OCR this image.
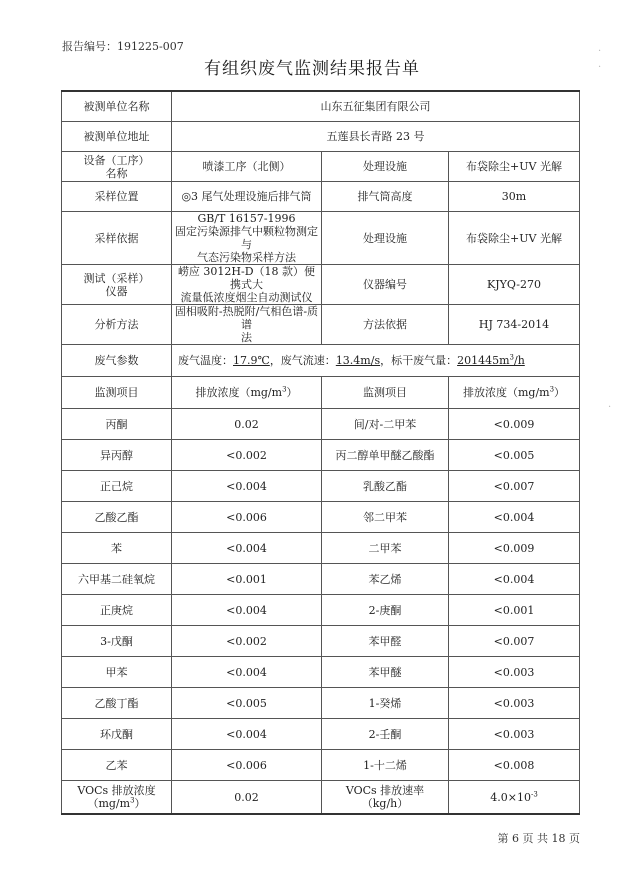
报告编号：191225-007
有组织废气监测结果报告单
被测单位名称	山东五征集团有限公司		
被测单位地址	五莲县长青路 23 号		
设备（工序）
名称	喷漆工序（北侧）	处理设施	布袋除尘+UV 光解
采样位置	◎3 尾气处理设施后排气筒	排气筒高度	30m
采样依据	GB/T 16157-1996
固定污染源排气中颗粒物测定与
气态污染物采样方法	处理设施	布袋除尘+UV 光解
测试（采样）
仪器	崂应 3012H-D（18 款）便携式大
流量低浓度烟尘自动测试仪	仪器编号	KJYQ-270
分析方法	固相吸附-热脱附/气相色谱-质谱
法	方法依据	HJ 734-2014
废气参数	废气温度：17.9℃，废气流速：13.4m/s，标干废气量：$201445m^3/h$		
监测项目	排放浓度$(mg/m^3)$	监测项目	排放浓度$(mg/m^3)$
丙酮	0.02	间/对-二甲苯	<0.009
异丙醇	<0.002	丙二醇单甲醚乙酸酯	<0.005
正己烷	<0.004	乳酸乙酯	<0.007
乙酸乙酯	<0.006	邻二甲苯	<0.004
苯	<0.004	二甲苯	<0.009
六甲基二硅氧烷	<0.001	苯乙烯	<0.004
正庚烷	<0.004	2-庚酮	<0.001
3-戊酮	<0.002	苯甲醛	<0.007
甲苯	<0.004	苯甲醚	<0.003
乙酸丁酯	<0.005	1-癸烯	<0.003
环戊酮	<0.004	2-壬酮	<0.003
乙苯	<0.006	1-十二烯	<0.008
VOCs 排放浓度
$(mg/m^3)$	0.02	VOCs 排放速率
（kg/h）	$4.0\times 10^{-3}$
第 6 页 共 18 页
·
·
·
